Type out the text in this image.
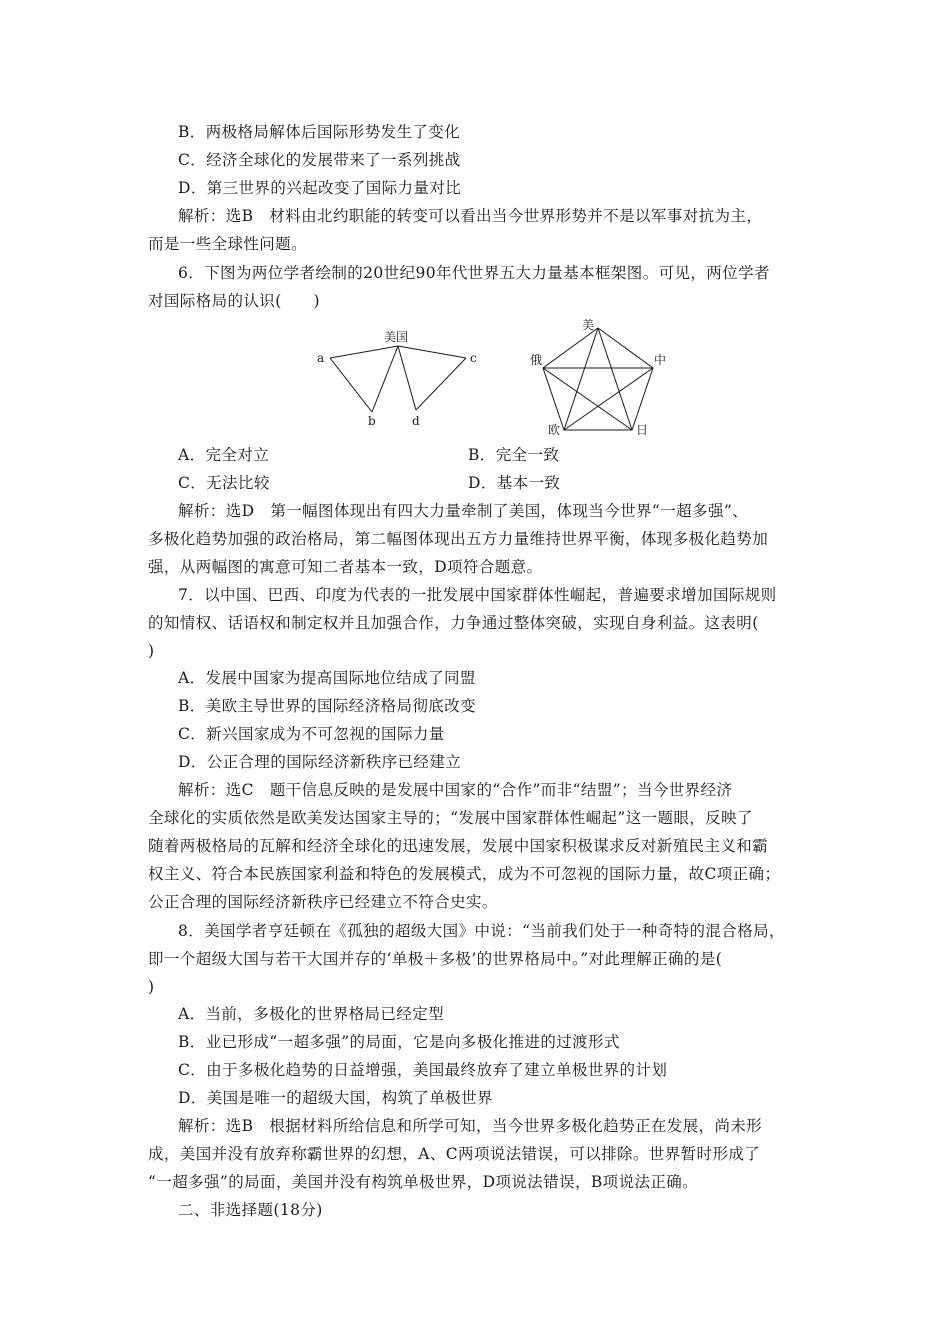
B．两极格局解体后国际形势发生了变化
C．经济全球化的发展带来了一系列挑战
D．第三世界的兴起改变了国际力量对比
解析：选B　材料由北约职能的转变可以看出当今世界形势并不是以军事对抗为主，
而是一些全球性问题。
6．下图为两位学者绘制的20世纪90年代世界五大力量基本框架图。可见，两位学者
对国际格局的认识(　　)
美国
a
b
c
d
美
俄	中
欧	日
A．完全对立	B．完全一致
C．无法比较	D．基本一致
解析：选D　第一幅图体现出有四大力量牵制了美国，体现当今世界“一超多强”、
多极化趋势加强的政治格局，第二幅图体现出五方力量维持世界平衡，体现多极化趋势加
强，从两幅图的寓意可知二者基本一致，D项符合题意。
7．以中国、巴西、印度为代表的一批发展中国家群体性崛起，普遍要求增加国际规则
的知情权、话语权和制定权并且加强合作，力争通过整体突破，实现自身利益。这表明(
)
A．发展中国家为提高国际地位结成了同盟
B．美欧主导世界的国际经济格局彻底改变
C．新兴国家成为不可忽视的国际力量
D．公正合理的国际经济新秩序已经建立
解析：选C　题干信息反映的是发展中国家的“合作”而非“结盟”；当今世界经济
全球化的实质依然是欧美发达国家主导的；“发展中国家群体性崛起”这一题眼，反映了
随着两极格局的瓦解和经济全球化的迅速发展，发展中国家积极谋求反对新殖民主义和霸
权主义、符合本民族国家利益和特色的发展模式，成为不可忽视的国际力量，故C项正确；
公正合理的国际经济新秩序已经建立不符合史实。
8．美国学者亨廷顿在《孤独的超级大国》中说：“当前我们处于一种奇特的混合格局，
即一个超级大国与若干大国并存的‘单极＋多极’的世界格局中。”对此理解正确的是(
)
A．当前，多极化的世界格局已经定型
B．业已形成“一超多强”的局面，它是向多极化推进的过渡形式
C．由于多极化趋势的日益增强，美国最终放弃了建立单极世界的计划
D．美国是唯一的超级大国，构筑了单极世界
解析：选B　根据材料所给信息和所学可知，当今世界多极化趋势正在发展，尚未形
成，美国并没有放弃称霸世界的幻想，A、C两项说法错误，可以排除。世界暂时形成了
“一超多强”的局面，美国并没有构筑单极世界，D项说法错误，B项说法正确。
二、非选择题(18分)
